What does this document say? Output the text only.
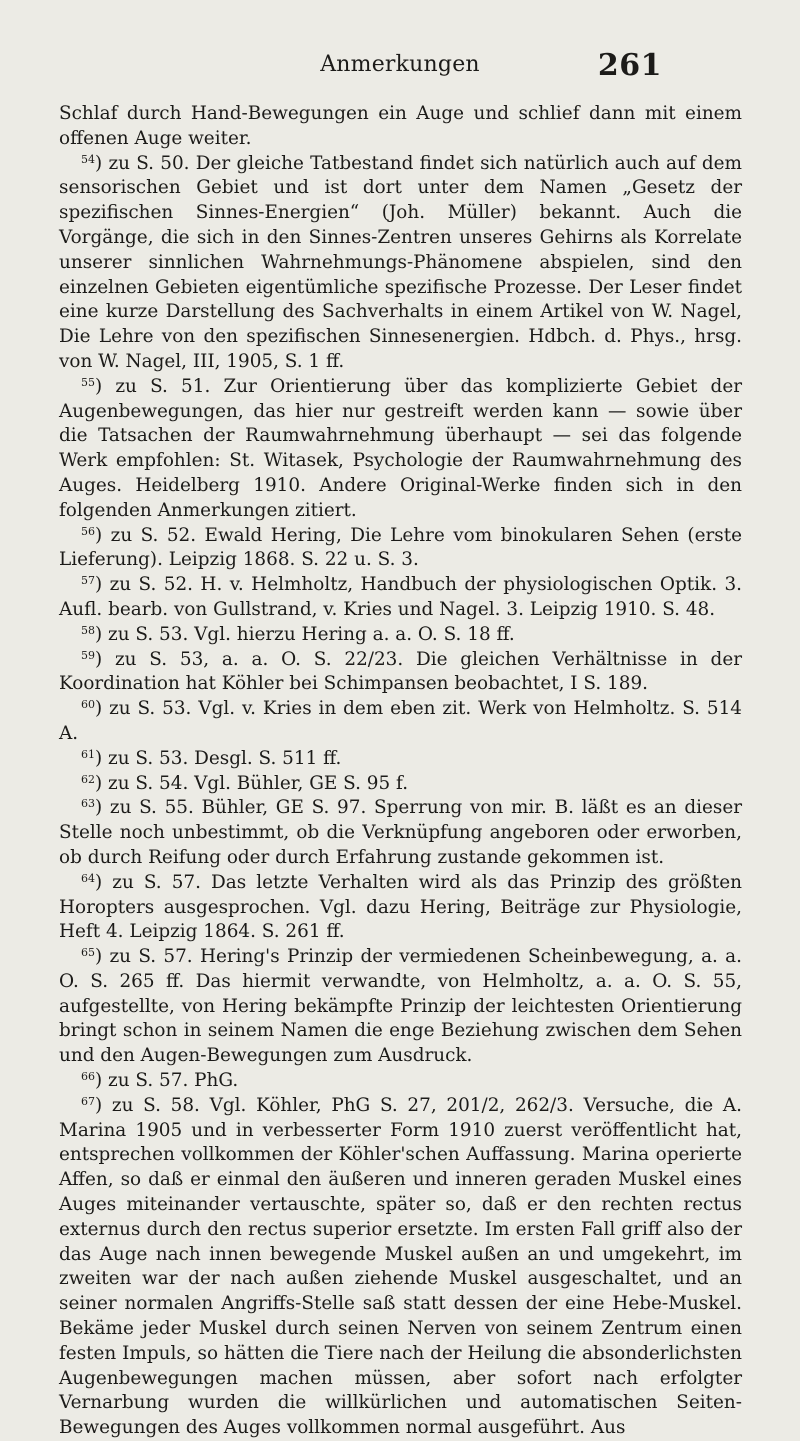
Anmerkungen	261

Schlaf durch Hand-Bewegungen ein Auge und schlief dann mit einem offenen Auge weiter.

$^{54}$) zu S. 50. Der gleiche Tatbestand findet sich natürlich auch auf dem sensorischen Gebiet und ist dort unter dem Namen „Gesetz der spezifischen Sinnes-Energien“ (Joh. Müller) bekannt. Auch die Vorgänge, die sich in den Sinnes-Zentren unseres Gehirns als Korrelate unserer sinnlichen Wahrnehmungs-Phänomene abspielen, sind den einzelnen Gebieten eigentümliche spezifische Prozesse. Der Leser findet eine kurze Darstellung des Sachverhalts in einem Artikel von W. Nagel, Die Lehre von den spezifischen Sinnesenergien. Hdbch. d. Phys., hrsg. von W. Nagel, III, 1905, S. 1 ff.

$^{55}$) zu S. 51. Zur Orientierung über das komplizierte Gebiet der Augenbewegungen, das hier nur gestreift werden kann — sowie über die Tatsachen der Raumwahrnehmung überhaupt — sei das folgende Werk empfohlen: St. Witasek, Psychologie der Raumwahrnehmung des Auges. Heidelberg 1910. Andere Original-Werke finden sich in den folgenden Anmerkungen zitiert.

$^{56}$) zu S. 52. Ewald Hering, Die Lehre vom binokularen Sehen (erste Lieferung). Leipzig 1868. S. 22 u. S. 3.

$^{57}$) zu S. 52. H. v. Helmholtz, Handbuch der physiologischen Optik. 3. Aufl. bearb. von Gullstrand, v. Kries und Nagel. 3. Leipzig 1910. S. 48.

$^{58}$) zu S. 53. Vgl. hierzu Hering a. a. O. S. 18 ff.

$^{59}$) zu S. 53, a. a. O. S. 22/23. Die gleichen Verhältnisse in der Koordination hat Köhler bei Schimpansen beobachtet, I S. 189.

$^{60}$) zu S. 53. Vgl. v. Kries in dem eben zit. Werk von Helmholtz. S. 514 A.

$^{61}$) zu S. 53. Desgl. S. 511 ff.

$^{62}$) zu S. 54. Vgl. Bühler, GE S. 95 f.

$^{63}$) zu S. 55. Bühler, GE S. 97. Sperrung von mir. B. läßt es an dieser Stelle noch unbestimmt, ob die Verknüpfung angeboren oder erworben, ob durch Reifung oder durch Erfahrung zustande gekommen ist.

$^{64}$) zu S. 57. Das letzte Verhalten wird als das Prinzip des größten Horopters ausgesprochen. Vgl. dazu Hering, Beiträge zur Physiologie, Heft 4. Leipzig 1864. S. 261 ff.

$^{65}$) zu S. 57. Hering's Prinzip der vermiedenen Scheinbewegung, a. a. O. S. 265 ff. Das hiermit verwandte, von Helmholtz, a. a. O. S. 55, aufgestellte, von Hering bekämpfte Prinzip der leichtesten Orientierung bringt schon in seinem Namen die enge Beziehung zwischen dem Sehen und den Augen-Bewegungen zum Ausdruck.

$^{66}$) zu S. 57. PhG.

$^{67}$) zu S. 58. Vgl. Köhler, PhG S. 27, 201/2, 262/3. Versuche, die A. Marina 1905 und in verbesserter Form 1910 zuerst veröffentlicht hat, entsprechen vollkommen der Köhler'schen Auffassung. Marina operierte Affen, so daß er einmal den äußeren und inneren geraden Muskel eines Auges miteinander vertauschte, später so, daß er den rechten rectus externus durch den rectus superior ersetzte. Im ersten Fall griff also der das Auge nach innen bewegende Muskel außen an und umgekehrt, im zweiten war der nach außen ziehende Muskel ausgeschaltet, und an seiner normalen Angriffs-Stelle saß statt dessen der eine Hebe-Muskel. Bekäme jeder Muskel durch seinen Nerven von seinem Zentrum einen festen Impuls, so hätten die Tiere nach der Heilung die absonderlichsten Augenbewegungen machen müssen, aber sofort nach erfolgter Vernarbung wurden die willkürlichen und automatischen Seiten-Bewegungen des Auges vollkommen normal ausgeführt. Aus
